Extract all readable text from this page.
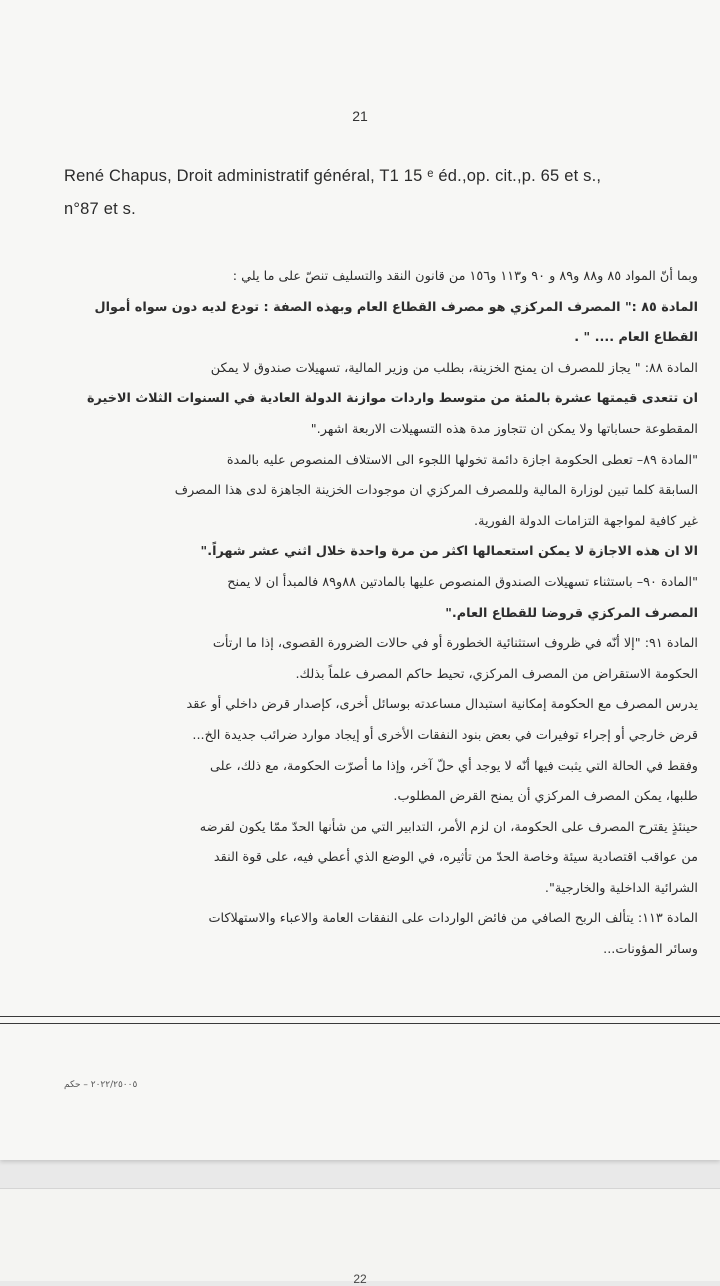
21
René Chapus, Droit administratif général, T1 15 ᵉ éd.,op. cit.,p. 65 et s.,
n°87 et s.
وبما أنّ المواد ٨٥ و٨٨ و٨٩ و ٩٠ و١١٣ و١٥٦ من قانون النقد والتسليف تنصّ على ما يلي :
المادة ٨٥ :" المصرف المركزي هو مصرف القطاع العام وبهذه الصفة : تودع لديه دون سواه أموال
القطاع العام .... " .
المادة ٨٨: " يجاز للمصرف ان يمنح الخزينة، بطلب من وزير المالية، تسهيلات صندوق لا يمكن
ان تتعدى قيمتها عشرة بالمئة من متوسط واردات موازنة الدولة العادية في السنوات الثلاث الاخيرة
المقطوعة حساباتها ولا يمكن ان تتجاوز مدة هذه التسهيلات الاربعة اشهر."
"المادة ٨٩– تعطى الحكومة اجازة دائمة تخولها اللجوء الى الاستلاف المنصوص عليه بالمدة
السابقة كلما تبين لوزارة المالية وللمصرف المركزي ان موجودات الخزينة الجاهزة لدى هذا المصرف
غير كافية لمواجهة التزامات الدولة الفورية.
الا ان هذه الاجازة لا يمكن استعمالها اكثر من مرة واحدة خلال اثني عشر شهراً."
"المادة ٩٠– باستثناء تسهيلات الصندوق المنصوص عليها بالمادتين ٨٨و٨٩ فالمبدأ ان لا يمنح
المصرف المركزي قروضا للقطاع العام."
المادة ٩١: "إلا أنّه في ظروف استثنائية الخطورة أو في حالات الضرورة القصوى، إذا ما ارتأت
الحكومة الاستقراض من المصرف المركزي، تحيط حاكم المصرف علماً بذلك.
يدرس المصرف مع الحكومة إمكانية استبدال مساعدته بوسائل أخرى، كإصدار قرض داخلي أو عقد
قرض خارجي أو إجراء توفيرات في بعض بنود النفقات الأخرى أو إيجاد موارد ضرائب جديدة الخ...
وفقط في الحالة التي يثبت فيها أنّه لا يوجد أي حلّ آخر، وإذا ما أصرّت الحكومة، مع ذلك، على
طلبها، يمكن المصرف المركزي أن يمنح القرض المطلوب.
حينئذٍ يقترح المصرف على الحكومة، ان لزم الأمر، التدابير التي من شأنها الحدّ ممّا يكون لقرضه
من عواقب اقتصادية سيئة وخاصة الحدّ من تأثيره، في الوضع الذي أعطي فيه، على قوة النقد
الشرائية الداخلية والخارجية".
المادة ١١٣: يتألف الربح الصافي من فائض الواردات على النفقات العامة والاعباء والاستهلاكات
وسائر المؤونات...
٢٠٢٢/٢٥٠٠٥ – حكم
22
